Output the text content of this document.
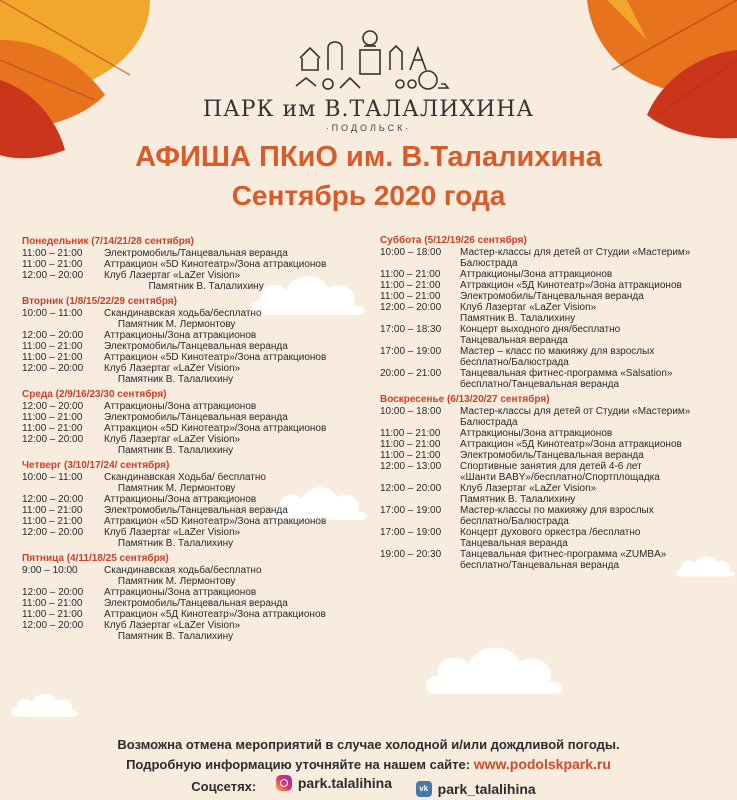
ПАРК им В.ТАЛАЛИХИНА
·ПОДОЛЬСК·
АФИША ПКиО им. В.Талалихина
Сентябрь 2020 года
Понедельник (7/14/21/28 сентября)
11:00 – 21:00	Электромобиль/Танцевальная веранда
11:00 – 21:00	Аттракцион «5D Кинотеатр»/Зона аттракционов
12:00 – 20:00	Клуб Лазертаг «LaZer Vision»
Памятник В. Талалихину
Вторник (1/8/15/22/29 сентября)
10:00 – 11:00	Скандинавская ходьба/бесплатно
Памятник М. Лермонтову
12:00 – 20:00	Аттракционы/Зона аттракционов
11:00 – 21:00	Электромобиль/Танцевальная веранда
11:00 – 21:00	Аттракцион «5D Кинотеатр»/Зона аттракционов
12:00 – 20:00	Клуб Лазертаг «LaZer Vision»
Памятник В. Талалихину
Среда (2/9/16/23/30 сентября)
12:00 – 20:00	Аттракционы/Зона аттракционов
11:00 – 21:00	Электромобиль/Танцевальная веранда
11:00 – 21:00	Аттракцион «5D Кинотеатр»/Зона аттракционов
12:00 – 20:00	Клуб Лазертаг «LaZer Vision»
Памятник В. Талалихину
Четверг (3/10/17/24/ сентября)
10:00 – 11:00	Скандинавская Ходьба/ бесплатно
Памятник М. Лермонтову
12:00 – 20:00	Аттракционы/Зона аттракционов
11:00 – 21:00	Электромобиль/Танцевальная веранда
11:00 – 21:00	Аттракцион «5D Кинотеатр»/Зона аттракционов
12:00 – 20:00	Клуб Лазертаг «LaZer Vision»
Памятник В. Талалихину
Пятница (4/11/18/25 сентября)
9:00 – 10:00	Скандинавская ходьба/бесплатно
Памятник М. Лермонтову
12:00 – 20:00	Аттракционы/Зона аттракционов
11:00 – 21:00	Электромобиль/Танцевальная веранда
11:00 – 21:00	Аттракцион «5Д Кинотеатр»/Зона аттракционов
12:00 – 20:00	Клуб Лазертаг «LaZer Vision»
Памятник В. Талалихину
Суббота (5/12/19/26 сентября)
10:00 – 18:00	Мастер-классы для детей от Студии «Мастерим»
Балюстрада
11:00 – 21:00	Аттракционы/Зона аттракционов
11:00 – 21:00	Аттракцион «5Д Кинотеатр»/Зона аттракционов
11:00 – 21:00	Электромобиль/Танцевальная веранда
12:00 – 20:00	Клуб Лазертаг «LaZer Vision»
Памятник В. Талалихину
17:00 – 18:30	Концерт выходного дня/бесплатно
Танцевальная веранда
17:00 – 19:00	Мастер – класс по макияжу для взрослых
бесплатно/Балюстрада
20:00 – 21:00	Танцевальная фитнес-программа «Salsation»
бесплатно/Танцевальная веранда
Воскресенье (6/13/20/27 сентября)
10:00 – 18:00	Мастер-классы для детей от Студии «Мастерим»
Балюстрада
11:00 – 21:00	Аттракционы/Зона аттракционов
11:00 – 21:00	Аттракцион «5Д Кинотеатр»/Зона аттракционов
11:00 – 21:00	Электромобиль/Танцевальная веранда
12:00 – 13:00	Спортивные занятия для детей 4-6 лет
«Шанти BABY»/бесплатно/Спортплощадка
12:00 – 20:00	Клуб Лазертаг «LaZer Vision»
Памятник В. Талалихину
17:00 – 19:00	Мастер-классы по макияжу для взрослых
бесплатно/Балюстрада
17:00 – 19:00	Концерт духового оркестра /бесплатно
Танцевальная веранда
19:00 – 20:30	Танцевальная фитнес-программа «ZUMBA»
бесплатно/Танцевальная веранда
Возможна отмена мероприятий в случае холодной и/или дождливой погоды.
Подробную информацию уточняйте на нашем сайте: www.podolskpark.ru
Соцсетях:	park.talalihina
	vk park_talalihina
